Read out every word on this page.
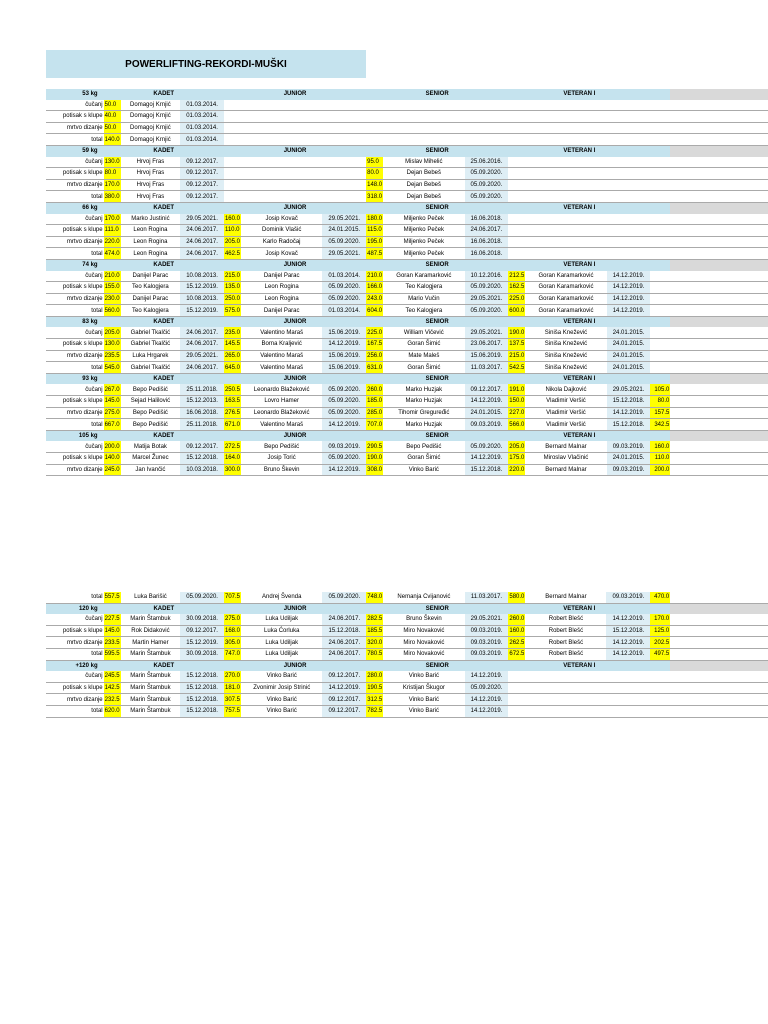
POWERLIFTING-REKORDI-MUŠKI
53 kg	KADET			JUNIOR			SENIOR			VETERAN I				
čučanj	50.0	Domagoj Krnjić	01.03.2014.											
potisak s klupe	40.0	Domagoj Krnjić	01.03.2014.											
mrtvo dizanje	50.0	Domagoj Krnjić	01.03.2014.											
total	140.0	Domagoj Krnjić	01.03.2014.											
59 kg	KADET			JUNIOR			SENIOR			VETERAN I				
čučanj	130.0	Hrvoj Fras	09.12.2017.				95.0	Mislav Mihelić	25.06.2016.					
potisak s klupe	80.0	Hrvoj Fras	09.12.2017.				80.0	Dejan Bebeš	05.09.2020.					
mrtvo dizanje	170.0	Hrvoj Fras	09.12.2017.				148.0	Dejan Bebeš	05.09.2020.					
total	380.0	Hrvoj Fras	09.12.2017.				318.0	Dejan Bebeš	05.09.2020.					
66 kg	KADET			JUNIOR			SENIOR			VETERAN I				
čučanj	170.0	Marko Justinić	29.05.2021.	160.0	Josip Kovač	29.05.2021.	180.0	Miljenko Peček	16.06.2018.					
potisak s klupe	111.0	Leon Rogina	24.06.2017.	110.0	Dominik Vlašić	24.01.2015.	115.0	Miljenko Peček	24.06.2017.					
mrtvo dizanje	220.0	Leon Rogina	24.06.2017.	205.0	Karlo Radočaj	05.09.2020.	195.0	Miljenko Peček	16.06.2018.					
total	474.0	Leon Rogina	24.06.2017.	462.5	Josip Kovač	29.05.2021.	487.5	Miljenko Peček	16.06.2018.					
74 kg	KADET			JUNIOR			SENIOR			VETERAN I				
čučanj	210.0	Danijel Parac	10.08.2013.	215.0	Danijel Parac	01.03.2014.	210.0	Goran Karamarković	10.12.2016.	212.5	Goran Karamarković	14.12.2019.		
potisak s klupe	155.0	Teo Kalogjera	15.12.2019.	135.0	Leon Rogina	05.09.2020.	166.0	Teo Kalogjera	05.09.2020.	162.5	Goran Karamarković	14.12.2019.		
mrtvo dizanje	230.0	Danijel Parac	10.08.2013.	250.0	Leon Rogina	05.09.2020.	243.0	Mario Vučin	29.05.2021.	225.0	Goran Karamarković	14.12.2019.		
total	560.0	Teo Kalogjera	15.12.2019.	575.0	Danijel Parac	01.03.2014.	604.0	Teo Kalogjera	05.09.2020.	600.0	Goran Karamarković	14.12.2019.		
83 kg	KADET			JUNIOR			SENIOR			VETERAN I				
čučanj	205.0	Gabriel Tkalčić	24.06.2017.	235.0	Valentino Maraš	15.06.2019.	225.0	William Vičević	29.05.2021.	190.0	Siniša Knežević	24.01.2015.		
potisak s klupe	130.0	Gabriel Tkalčić	24.06.2017.	145.5	Borna Kraljević	14.12.2019.	167.5	Goran Šimić	23.06.2017.	137.5	Siniša Knežević	24.01.2015.		
mrtvo dizanje	235.5	Luka Hrgarek	29.05.2021.	265.0	Valentino Maraš	15.06.2019.	256.0	Mate Maleš	15.06.2019.	215.0	Siniša Knežević	24.01.2015.		
total	545.0	Gabriel Tkalčić	24.06.2017.	645.0	Valentino Maraš	15.06.2019.	631.0	Goran Šimić	11.03.2017.	542.5	Siniša Knežević	24.01.2015.		
93 kg	KADET			JUNIOR			SENIOR			VETERAN I				
čučanj	267.0	Bepo Pedišić	25.11.2018.	250.5	Leonardo Blažeković	05.09.2020.	260.0	Marko Huzjak	09.12.2017.	191.0	Nikola Dajković	29.05.2021.	105.0	
potisak s klupe	145.0	Sejad Halilović	15.12.2013.	163.5	Lovro Hamer	05.09.2020.	185.0	Marko Huzjak	14.12.2019.	150.0	Vladimir Veršić	15.12.2018.	80.0	
mrtvo dizanje	275.0	Bepo Pedišić	16.06.2018.	276.5	Leonardo Blažeković	05.09.2020.	285.0	Tihomir Greguređić	24.01.2015.	227.0	Vladimir Veršić	14.12.2019.	157.5	
total	667.0	Bepo Pedišić	25.11.2018.	671.0	Valentino Maraš	14.12.2019.	707.0	Marko Huzjak	09.03.2019.	566.0	Vladimir Veršić	15.12.2018.	342.5	
105 kg	KADET			JUNIOR			SENIOR			VETERAN I				
čučanj	200.0	Matija Botak	09.12.2017.	272.5	Bepo Pedišić	09.03.2019.	290.5	Bepo Pedišić	05.09.2020.	205.0	Bernard Malnar	09.03.2019.	160.0	
potisak s klupe	140.0	Marcel Žunec	15.12.2018.	164.0	Josip Torić	05.09.2020.	190.0	Goran Šimić	14.12.2019.	175.0	Miroslav Vlačinić	24.01.2015.	110.0	
mrtvo dizanje	245.0	Jan Ivančić	10.03.2018.	300.0	Bruno Škevin	14.12.2019.	308.0	Vinko Barić	15.12.2018.	220.0	Bernard Malnar	09.03.2019.	200.0	
total	557.5	Luka Barišić	05.09.2020.	707.5	Andrej Švenda	05.09.2020.	748.0	Nemanja Cvijanović	11.03.2017.	580.0	Bernard Malnar	09.03.2019.	470.0	
120 kg	KADET			JUNIOR			SENIOR			VETERAN I				
čučanj	227.5	Marin Štambuk	30.09.2018.	275.0	Luka Udiljak	24.06.2017.	282.5	Bruno Škevin	29.05.2021.	260.0	Robert Blešć	14.12.2019.	170.0	
potisak s klupe	145.0	Rok Didaković	09.12.2017.	168.0	Luka Ćorluka	15.12.2018.	185.5	Miro Novaković	09.03.2019.	160.0	Robert Blešć	15.12.2018.	125.0	
mrtvo dizanje	233.5	Martin Hamer	15.12.2019.	305.0	Luka Udiljak	24.06.2017.	320.0	Miro Novaković	09.03.2019.	262.5	Robert Blešć	14.12.2019.	202.5	
total	595.5	Marin Štambuk	30.09.2018.	747.0	Luka Udiljak	24.06.2017.	780.5	Miro Novaković	09.03.2019.	672.5	Robert Blešć	14.12.2019.	497.5	
+120 kg	KADET			JUNIOR			SENIOR			VETERAN I				
čučanj	245.5	Marin Štambuk	15.12.2018.	270.0	Vinko Barić	09.12.2017.	280.0	Vinko Barić	14.12.2019.					
potisak s klupe	142.5	Marin Štambuk	15.12.2018.	181.0	Zvonimir Josip Strinić	14.12.2019.	190.5	Kristijan Škugor	05.09.2020.					
mrtvo dizanje	232.5	Marin Štambuk	15.12.2018.	307.5	Vinko Barić	09.12.2017.	312.5	Vinko Barić	14.12.2019.					
total	620.0	Marin Štambuk	15.12.2018.	757.5	Vinko Barić	09.12.2017.	782.5	Vinko Barić	14.12.2019.					
